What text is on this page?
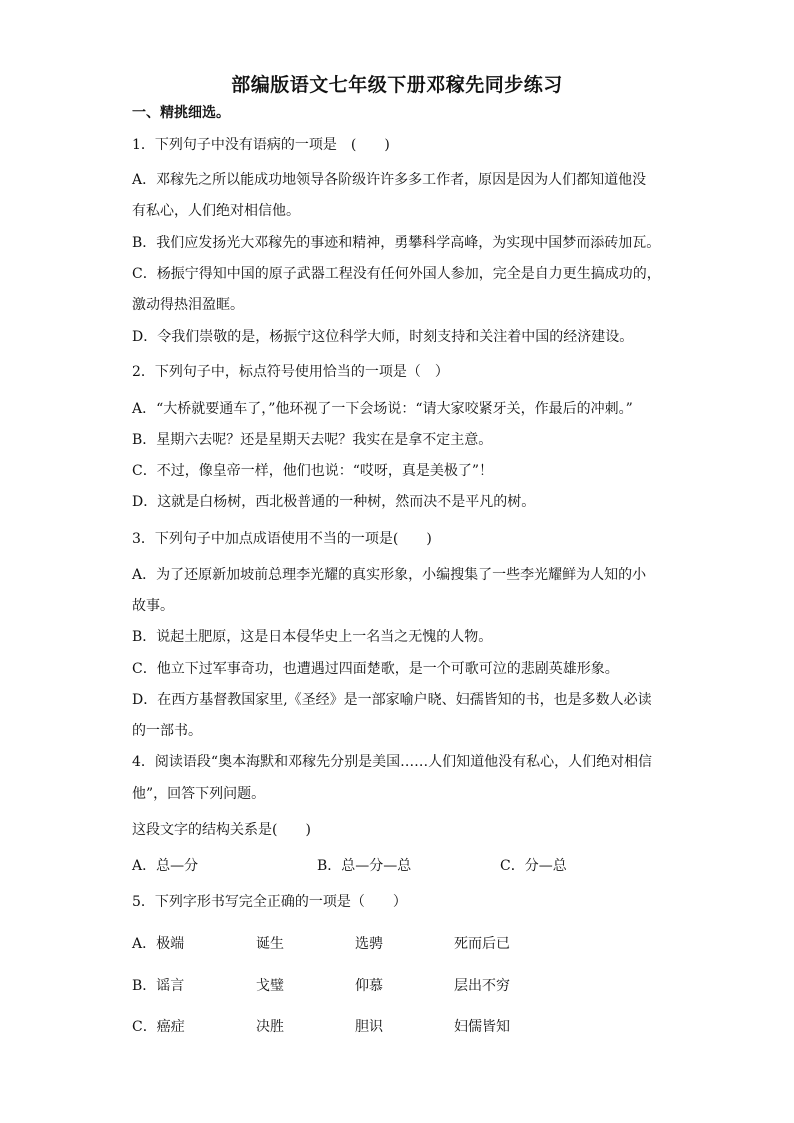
部编版语文七年级下册邓稼先同步练习
一、精挑细选。
1．下列句子中没有语病的一项是　(　　)
A．邓稼先之所以能成功地领导各阶级许许多多工作者，原因是因为人们都知道他没
有私心，人们绝对相信他。
B．我们应发扬光大邓稼先的事迹和精神，勇攀科学高峰，为实现中国梦而添砖加瓦。
C．杨振宁得知中国的原子武器工程没有任何外国人参加，完全是自力更生搞成功的，
激动得热泪盈眶。
D．令我们崇敬的是，杨振宁这位科学大师，时刻支持和关注着中国的经济建设。
2．下列句子中，标点符号使用恰当的一项是（　）
A．“大桥就要通车了，”他环视了一下会场说：“请大家咬紧牙关，作最后的冲刺。”
B．星期六去呢？还是星期天去呢？我实在是拿不定主意。
C．不过，像皇帝一样，他们也说：“哎呀，真是美极了”！
D．这就是白杨树，西北极普通的一种树，然而决不是平凡的树。
3．下列句子中加点成语使用不当的一项是(　　)
A．为了还原新加坡前总理李光耀的真实形象，小编搜集了一些李光耀鲜为人知的小
故事。
B．说起土肥原，这是日本侵华史上一名当之无愧的人物。
C．他立下过军事奇功，也遭遇过四面楚歌，是一个可歌可泣的悲剧英雄形象。
D．在西方基督教国家里,《圣经》是一部家喻户晓、妇孺皆知的书，也是多数人必读
的一部书。
4．阅读语段“奥本海默和邓稼先分别是美国……人们知道他没有私心，人们绝对相信
他”，回答下列问题。
这段文字的结构关系是(　　)
A．总—分	B．总—分—总	C．分—总
5．下列字形书写完全正确的一项是（　　）
A．极端	诞生	选骋	死而后已
B．谣言	戈璧	仰慕	层出不穷
C．癌症	决胜	胆识	妇儒皆知
